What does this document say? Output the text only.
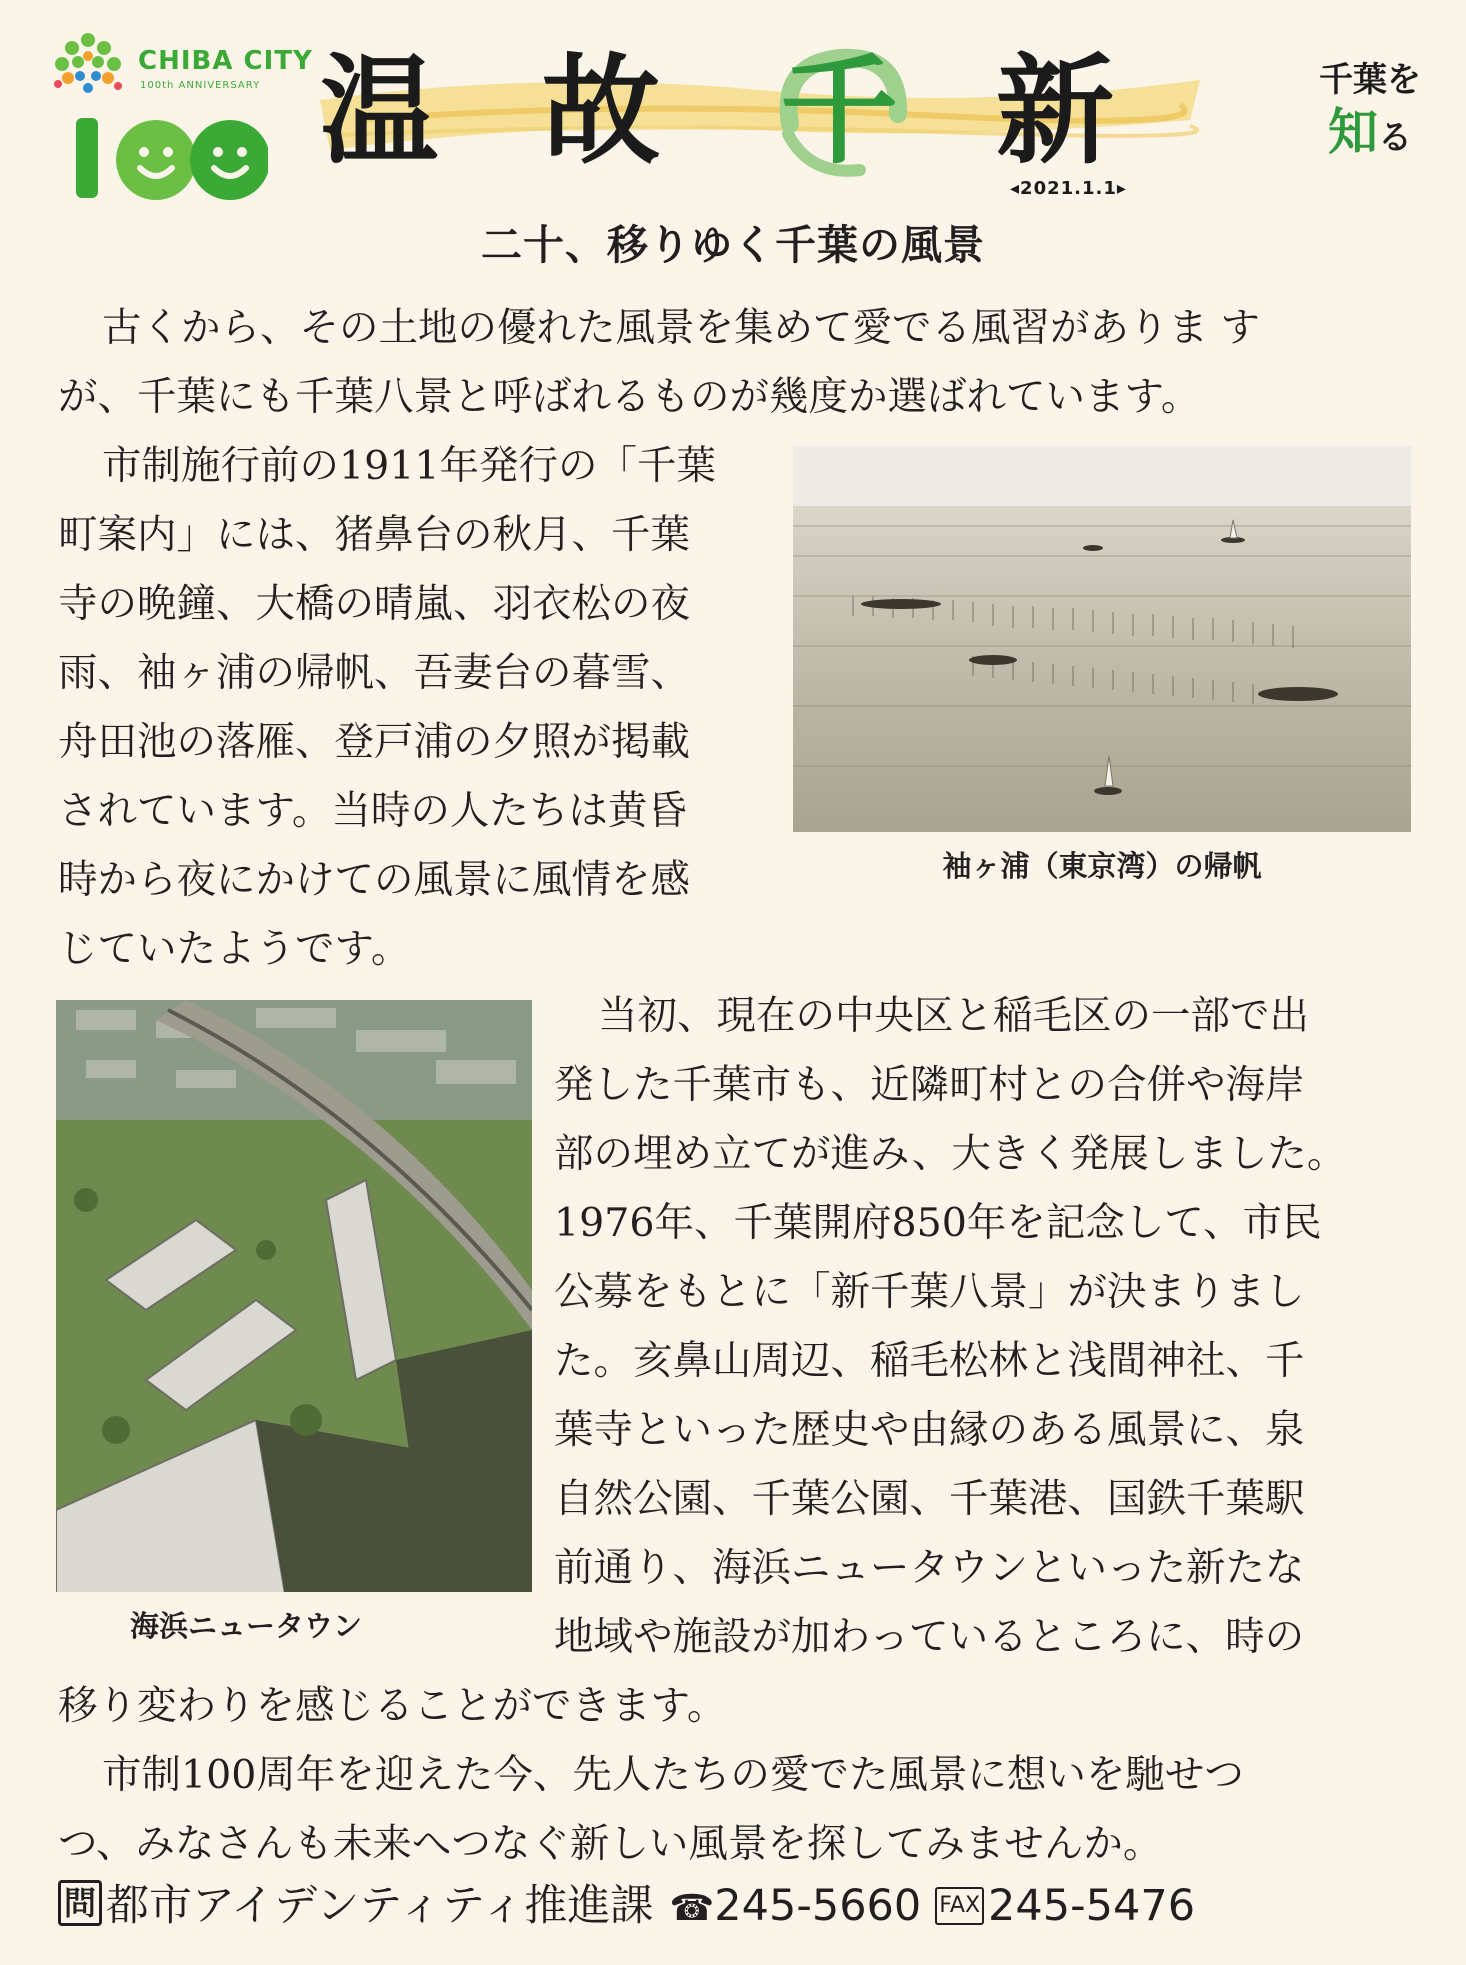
CHIBA CITY
100th ANNIVERSARY 温 故 千 新
◂2021.1.1▸
千葉を
知る
二十、移りゆく千葉の風景
古くから、その土地の優れた風景を集めて愛でる風習がありま す
が、千葉にも千葉八景と呼ばれるものが幾度か選ばれています。
市制施行前の1911年発行の「千葉
町案内」には、猪鼻台の秋月、千葉
寺の晩鐘、大橋の晴嵐、羽衣松の夜
雨、袖ヶ浦の帰帆、吾妻台の暮雪、
舟田池の落雁、登戸浦の夕照が掲載
されています。当時の人たちは黄昏
時から夜にかけての風景に風情を感
じていたようです。
袖ヶ浦（東京湾）の帰帆
海浜ニュータウン
当初、現在の中央区と稲毛区の一部で出
発した千葉市も、近隣町村との合併や海岸
部の埋め立てが進み、大きく発展しました。
1976年、千葉開府850年を記念して、市民
公募をもとに「新千葉八景」が決まりまし
た。亥鼻山周辺、稲毛松林と浅間神社、千
葉寺といった歴史や由縁のある風景に、泉
自然公園、千葉公園、千葉港、国鉄千葉駅
前通り、海浜ニュータウンといった新たな
地域や施設が加わっているところに、時の
移り変わりを感じることができます。
市制100周年を迎えた今、先人たちの愛でた風景に想いを馳せつ
つ、みなさんも未来へつなぐ新しい風景を探してみませんか。
問 都市アイデンティティ推進課 ☎245-5660 FAX 245-5476
